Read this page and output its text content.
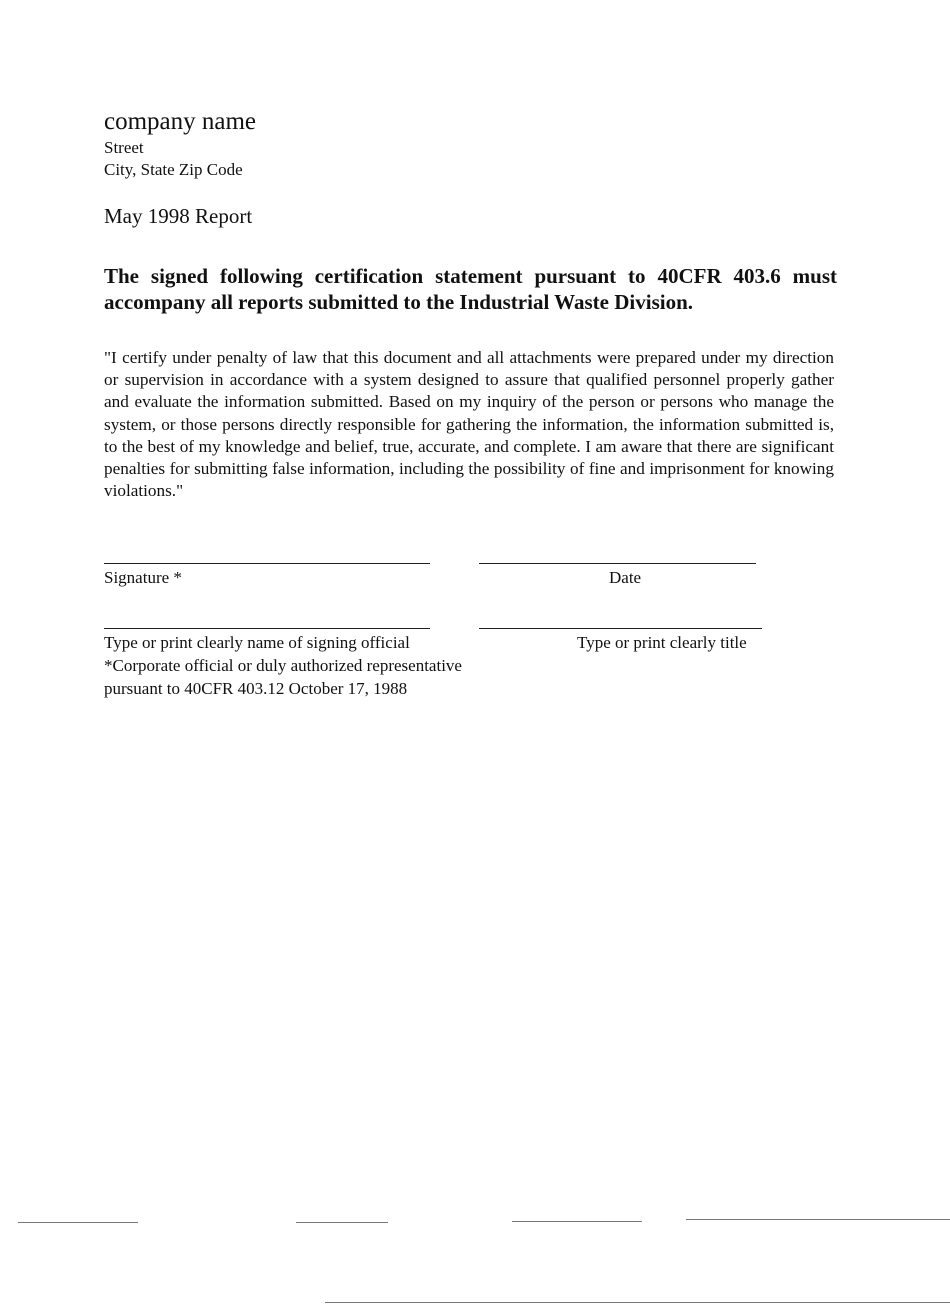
company name
Street
City, State Zip Code
May 1998 Report
The signed following certification statement pursuant to 40CFR 403.6 must accompany all reports submitted to the Industrial Waste Division.
"I certify under penalty of law that this document and all attachments were prepared under my direction or supervision in accordance with a system designed to assure that qualified personnel properly gather and evaluate the information submitted. Based on my inquiry of the person or persons who manage the system, or those persons directly responsible for gathering the information, the information submitted is, to the best of my knowledge and belief, true, accurate, and complete. I am aware that there are significant penalties for submitting false information, including the possibility of fine and imprisonment for knowing violations."
Signature *	Date
Type or print clearly name of signing official	Type or print clearly title
*Corporate official or duly authorized representative
pursuant to 40CFR 403.12 October 17, 1988
